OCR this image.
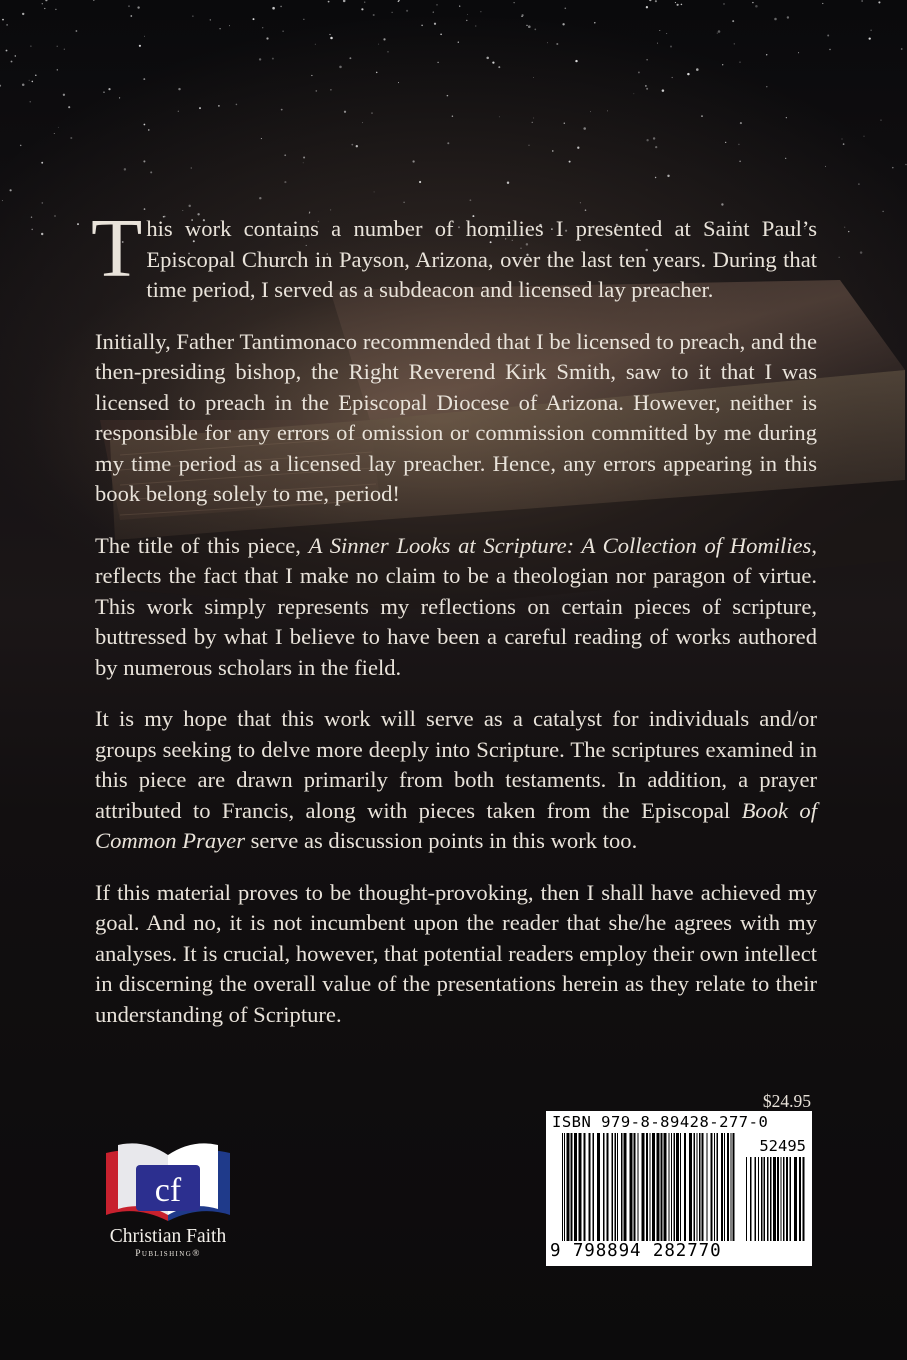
This work contains a number of homilies I presented at Saint Paul’s Episcopal Church in Payson, Arizona, over the last ten years. During that time period, I served as a subdeacon and licensed lay preacher.

Initially, Father Tantimonaco recommended that I be licensed to preach, and the then-presiding bishop, the Right Reverend Kirk Smith, saw to it that I was licensed to preach in the Episcopal Diocese of Arizona. However, neither is responsible for any errors of omission or commission committed by me during my time period as a licensed lay preacher. Hence, any errors appearing in this book belong solely to me, period!

The title of this piece, A Sinner Looks at Scripture: A Collection of Homilies, reflects the fact that I make no claim to be a theologian nor paragon of virtue. This work simply represents my reflections on certain pieces of scripture, buttressed by what I believe to have been a careful reading of works authored by numerous scholars in the field.

It is my hope that this work will serve as a catalyst for individuals and/or groups seeking to delve more deeply into Scripture. The scriptures examined in this piece are drawn primarily from both testaments. In addition, a prayer attributed to Francis, along with pieces taken from the Episcopal Book of Common Prayer serve as discussion points in this work too.

If this material proves to be thought-provoking, then I shall have achieved my goal. And no, it is not incumbent upon the reader that she/he agrees with my analyses. It is crucial, however, that potential readers employ their own intellect in discerning the overall value of the presentations herein as they relate to their understanding of Scripture.

$24.95
ISBN 979-8-89428-277-0
52495
9 798894 282770
cf
Christian Faith
Publishing®
